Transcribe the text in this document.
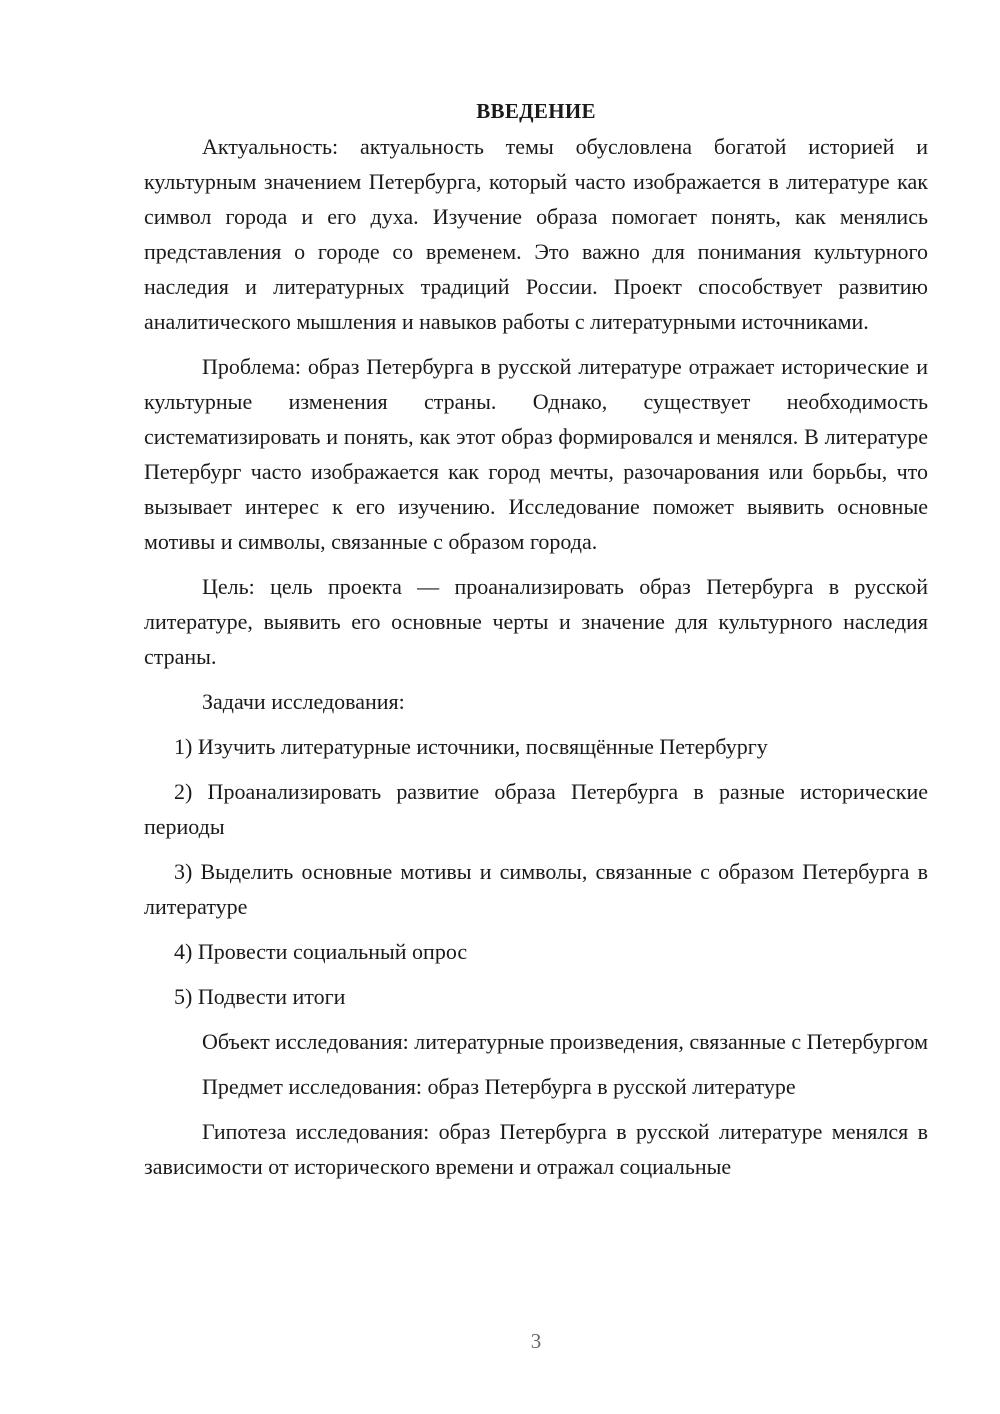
ВВЕДЕНИЕ

Актуальность: актуальность темы обусловлена богатой историей и культурным значением Петербурга, который часто изображается в литературе как символ города и его духа. Изучение образа помогает понять, как менялись представления о городе со временем. Это важно для понимания культурного наследия и литературных традиций России. Проект способствует развитию аналитического мышления и навыков работы с литературными источниками.

Проблема: образ Петербурга в русской литературе отражает исторические и культурные изменения страны. Однако, существует необходимость систематизировать и понять, как этот образ формировался и менялся. В литературе Петербург часто изображается как город мечты, разочарования или борьбы, что вызывает интерес к его изучению. Исследование поможет выявить основные мотивы и символы, связанные с образом города.

Цель: цель проекта — проанализировать образ Петербурга в русской литературе, выявить его основные черты и значение для культурного наследия страны.

Задачи исследования:

1) Изучить литературные источники, посвящённые Петербургу

2) Проанализировать развитие образа Петербурга в разные исторические периоды

3) Выделить основные мотивы и символы, связанные с образом Петербурга в литературе

4) Провести социальный опрос

5) Подвести итоги

Объект исследования: литературные произведения, связанные с Петербургом

Предмет исследования: образ Петербурга в русской литературе

Гипотеза исследования: образ Петербурга в русской литературе менялся в зависимости от исторического времени и отражал социальные

3
